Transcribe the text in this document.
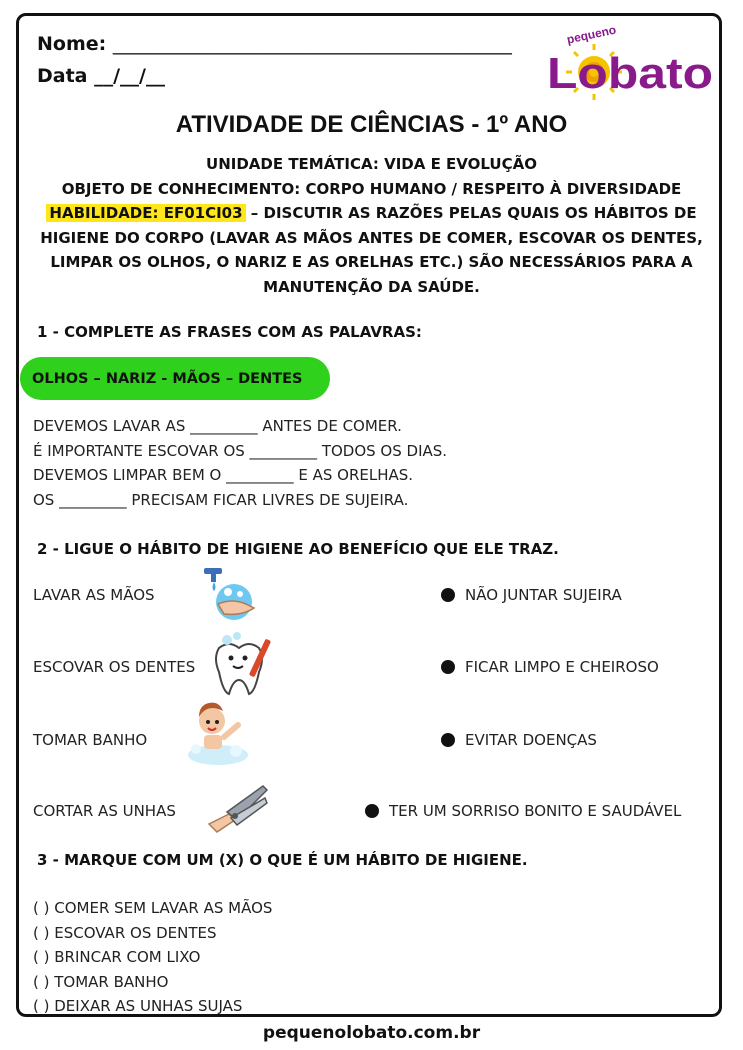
Nome: __________________________________________
Data __/__/__
pequeno
Lobato
ATIVIDADE DE CIÊNCIAS - 1º ANO
UNIDADE TEMÁTICA: VIDA E EVOLUÇÃO
OBJETO DE CONHECIMENTO: CORPO HUMANO / RESPEITO À DIVERSIDADE
HABILIDADE: EF01CI03 – DISCUTIR AS RAZÕES PELAS QUAIS OS HÁBITOS DE
HIGIENE DO CORPO (LAVAR AS MÃOS ANTES DE COMER, ESCOVAR OS DENTES,
LIMPAR OS OLHOS, O NARIZ E AS ORELHAS ETC.) SÃO NECESSÁRIOS PARA A
MANUTENÇÃO DA SAÚDE.
1 - COMPLETE AS FRASES COM AS PALAVRAS:
OLHOS – NARIZ - MÃOS – DENTES
DEVEMOS LAVAR AS _________ ANTES DE COMER.
É IMPORTANTE ESCOVAR OS _________ TODOS OS DIAS.
DEVEMOS LIMPAR BEM O _________ E AS ORELHAS.
OS _________ PRECISAM FICAR LIVRES DE SUJEIRA.
2 - LIGUE O HÁBITO DE HIGIENE AO BENEFÍCIO QUE ELE TRAZ.
LAVAR AS MÃOS
ESCOVAR OS DENTES
TOMAR BANHO
CORTAR AS UNHAS
NÃO JUNTAR SUJEIRA
FICAR LIMPO E CHEIROSO
EVITAR DOENÇAS
TER UM SORRISO BONITO E SAUDÁVEL
3 - MARQUE COM UM (X) O QUE É UM HÁBITO DE HIGIENE.
( ) COMER SEM LAVAR AS MÃOS
( ) ESCOVAR OS DENTES
( ) BRINCAR COM LIXO
( ) TOMAR BANHO
( ) DEIXAR AS UNHAS SUJAS
pequenolobato.com.br
